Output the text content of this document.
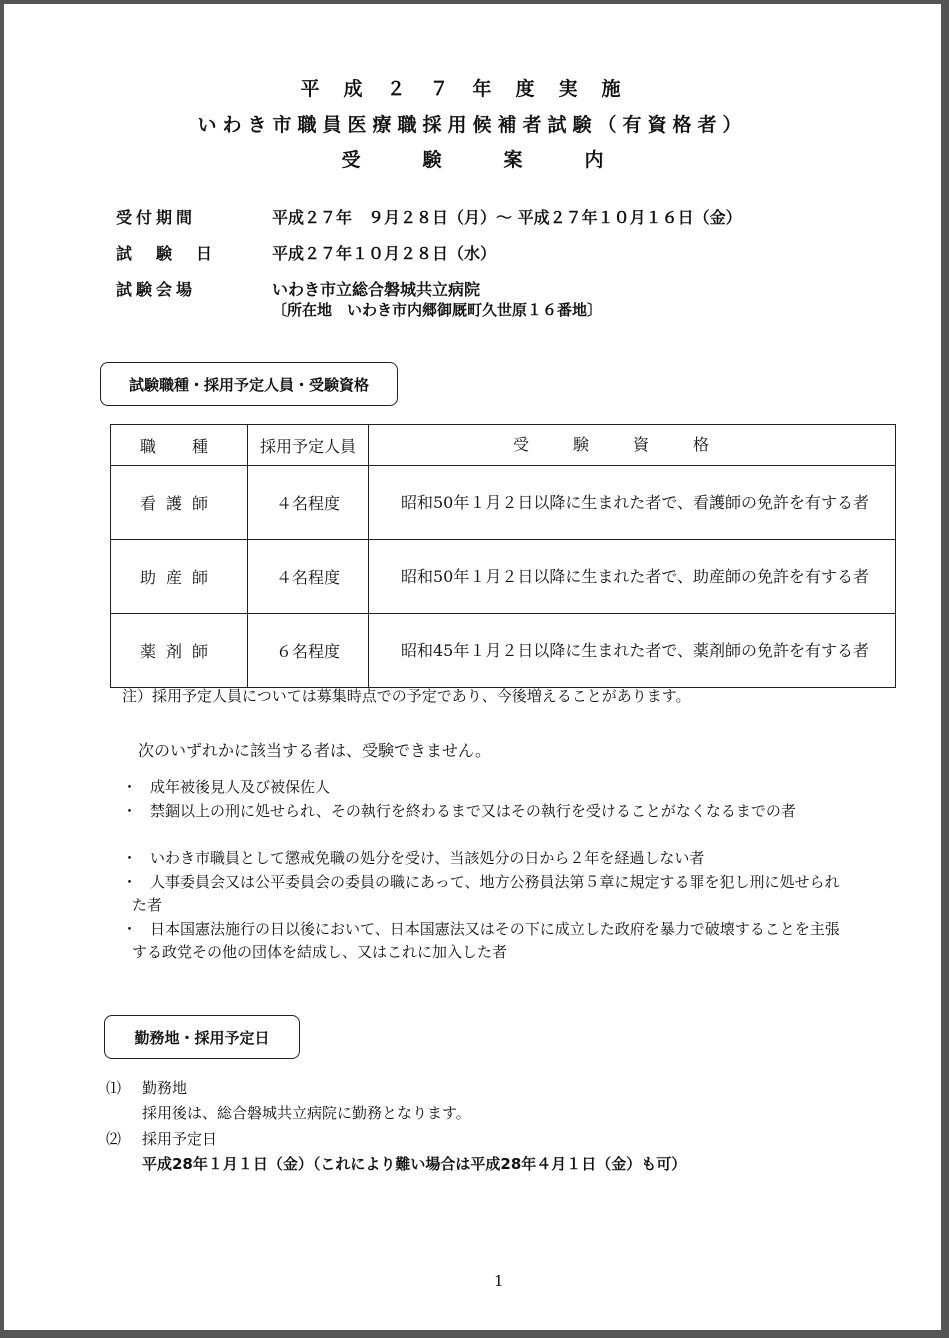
平成２７年度実施
いわき市職員医療職採用候補者試験（有資格者）
受験案内
受付期間	平成２７年　９月２８日（月）～ 平成２７年１０月１６日（金）
試　験　日	平成２７年１０月２８日（水）
試験会場	いわき市立総合磐城共立病院
〔所在地　いわき市内郷御厩町久世原１６番地〕
試験職種・採用予定人員・受験資格
職　種	採用予定人員	受験資格
看護師	４名程度	昭和50年１月２日以降に生まれた者で、看護師の免許を有する者
助産師	４名程度	昭和50年１月２日以降に生まれた者で、助産師の免許を有する者
薬剤師	６名程度	昭和45年１月２日以降に生まれた者で、薬剤師の免許を有する者
注）採用予定人員については募集時点での予定であり、今後増えることがあります。
次のいずれかに該当する者は、受験できません。
・ 成年被後見人及び被保佐人
・ 禁錮以上の刑に処せられ、その執行を終わるまで又はその執行を受けることがなくなるまでの者
・ いわき市職員として懲戒免職の処分を受け、当該処分の日から２年を経過しない者
・ 人事委員会又は公平委員会の委員の職にあって、地方公務員法第５章に規定する罪を犯し刑に処せられた者
・ 日本国憲法施行の日以後において、日本国憲法又はその下に成立した政府を暴力で破壊することを主張する政党その他の団体を結成し、又はこれに加入した者
勤務地・採用予定日
⑴ 勤務地
採用後は、総合磐城共立病院に勤務となります。
⑵ 採用予定日
平成28年１月１日（金）（これにより難い場合は平成28年４月１日（金）も可）
1
